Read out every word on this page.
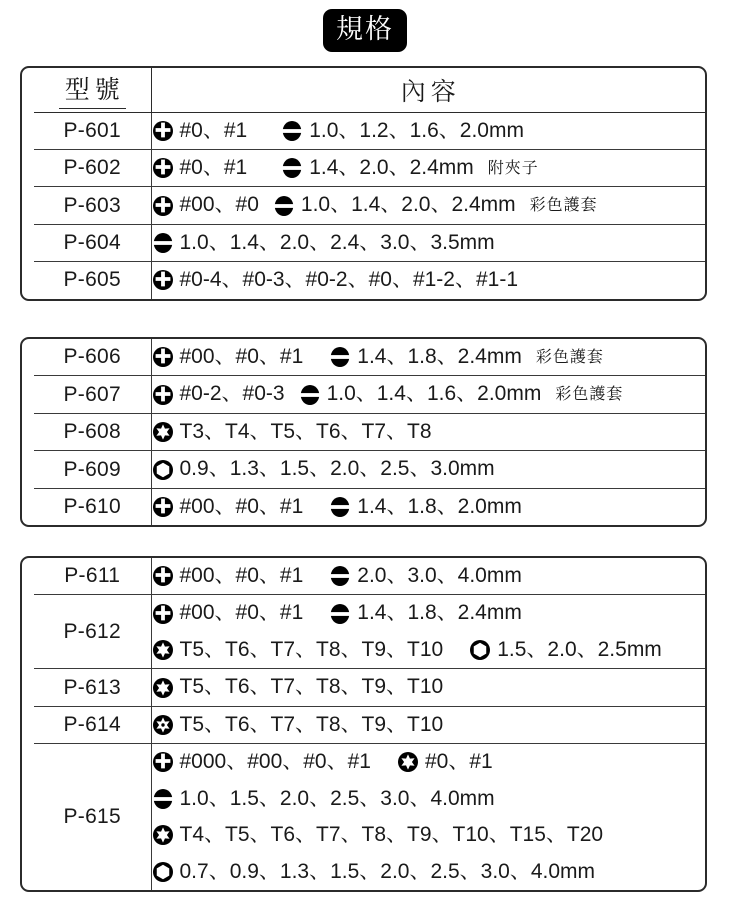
規格
	型號	內容
	P-601	#0、#1 1.0、1.2、1.6、2.0mm

	P-602	#0、#1 1.4、2.0、2.4mm 附夾子

	P-603	#00、#0 1.0、1.4、2.0、2.4mm 彩色護套

	P-604	1.0、1.4、2.0、2.4、3.0、3.5mm

	P-605	#0-4、#0-3、#0-2、#0、#1-2、#1-1
	P-606	#00、#0、#1 1.4、1.8、2.4mm 彩色護套

	P-607	#0-2、#0-3 1.0、1.4、1.6、2.0mm 彩色護套

	P-608	T3、T4、T5、T6、T7、T8

	P-609	0.9、1.3、1.5、2.0、2.5、3.0mm

	P-610	#00、#0、#1 1.4、1.8、2.0mm
	P-611	#00、#0、#1 2.0、3.0、4.0mm

	P-612	#00、#0、#1 1.4、1.8、2.4mm
T5、T6、T7、T8、T9、T10 1.5、2.0、2.5mm

	P-613	T5、T6、T7、T8、T9、T10

	P-614	T5、T6、T7、T8、T9、T10

	P-615	#000、#00、#0、#1 #0、#1
1.0、1.5、2.0、2.5、3.0、4.0mm
T4、T5、T6、T7、T8、T9、T10、T15、T20
0.7、0.9、1.3、1.5、2.0、2.5、3.0、4.0mm
